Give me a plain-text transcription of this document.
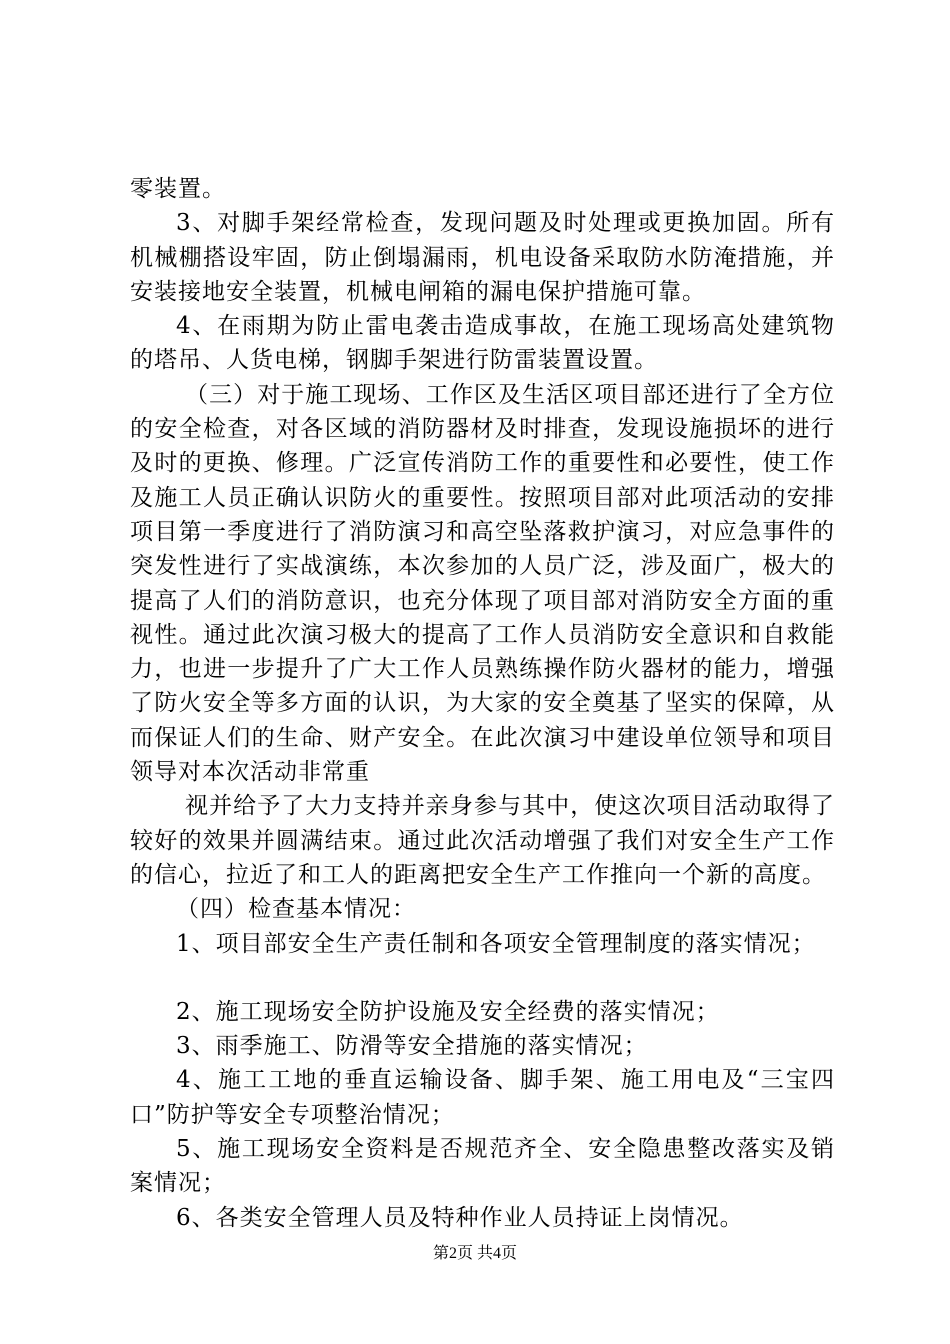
零装置。

3、对脚手架经常检查，发现问题及时处理或更换加固。所有机械棚搭设牢固，防止倒塌漏雨，机电设备采取防水防淹措施，并安装接地安全装置，机械电闸箱的漏电保护措施可靠。

4、在雨期为防止雷电袭击造成事故，在施工现场高处建筑物的塔吊、人货电梯，钢脚手架进行防雷装置设置。

（三）对于施工现场、工作区及生活区项目部还进行了全方位的安全检查，对各区域的消防器材及时排查，发现设施损坏的进行及时的更换、修理。广泛宣传消防工作的重要性和必要性，使工作及施工人员正确认识防火的重要性。按照项目部对此项活动的安排项目第一季度进行了消防演习和高空坠落救护演习，对应急事件的突发性进行了实战演练，本次参加的人员广泛，涉及面广，极大的提高了人们的消防意识，也充分体现了项目部对消防安全方面的重视性。通过此次演习极大的提高了工作人员消防安全意识和自救能力，也进一步提升了广大工作人员熟练操作防火器材的能力，增强了防火安全等多方面的认识，为大家的安全奠基了坚实的保障，从而保证人们的生命、财产安全。在此次演习中建设单位领导和项目领导对本次活动非常重

视并给予了大力支持并亲身参与其中，使这次项目活动取得了较好的效果并圆满结束。通过此次活动增强了我们对安全生产工作的信心，拉近了和工人的距离把安全生产工作推向一个新的高度。

（四）检查基本情况：

1、项目部安全生产责任制和各项安全管理制度的落实情况；

2、施工现场安全防护设施及安全经费的落实情况；

3、雨季施工、防滑等安全措施的落实情况；

4、施工工地的垂直运输设备、脚手架、施工用电及“三宝四口”防护等安全专项整治情况；

5、施工现场安全资料是否规范齐全、安全隐患整改落实及销案情况；

6、各类安全管理人员及特种作业人员持证上岗情况。

第2页 共4页
